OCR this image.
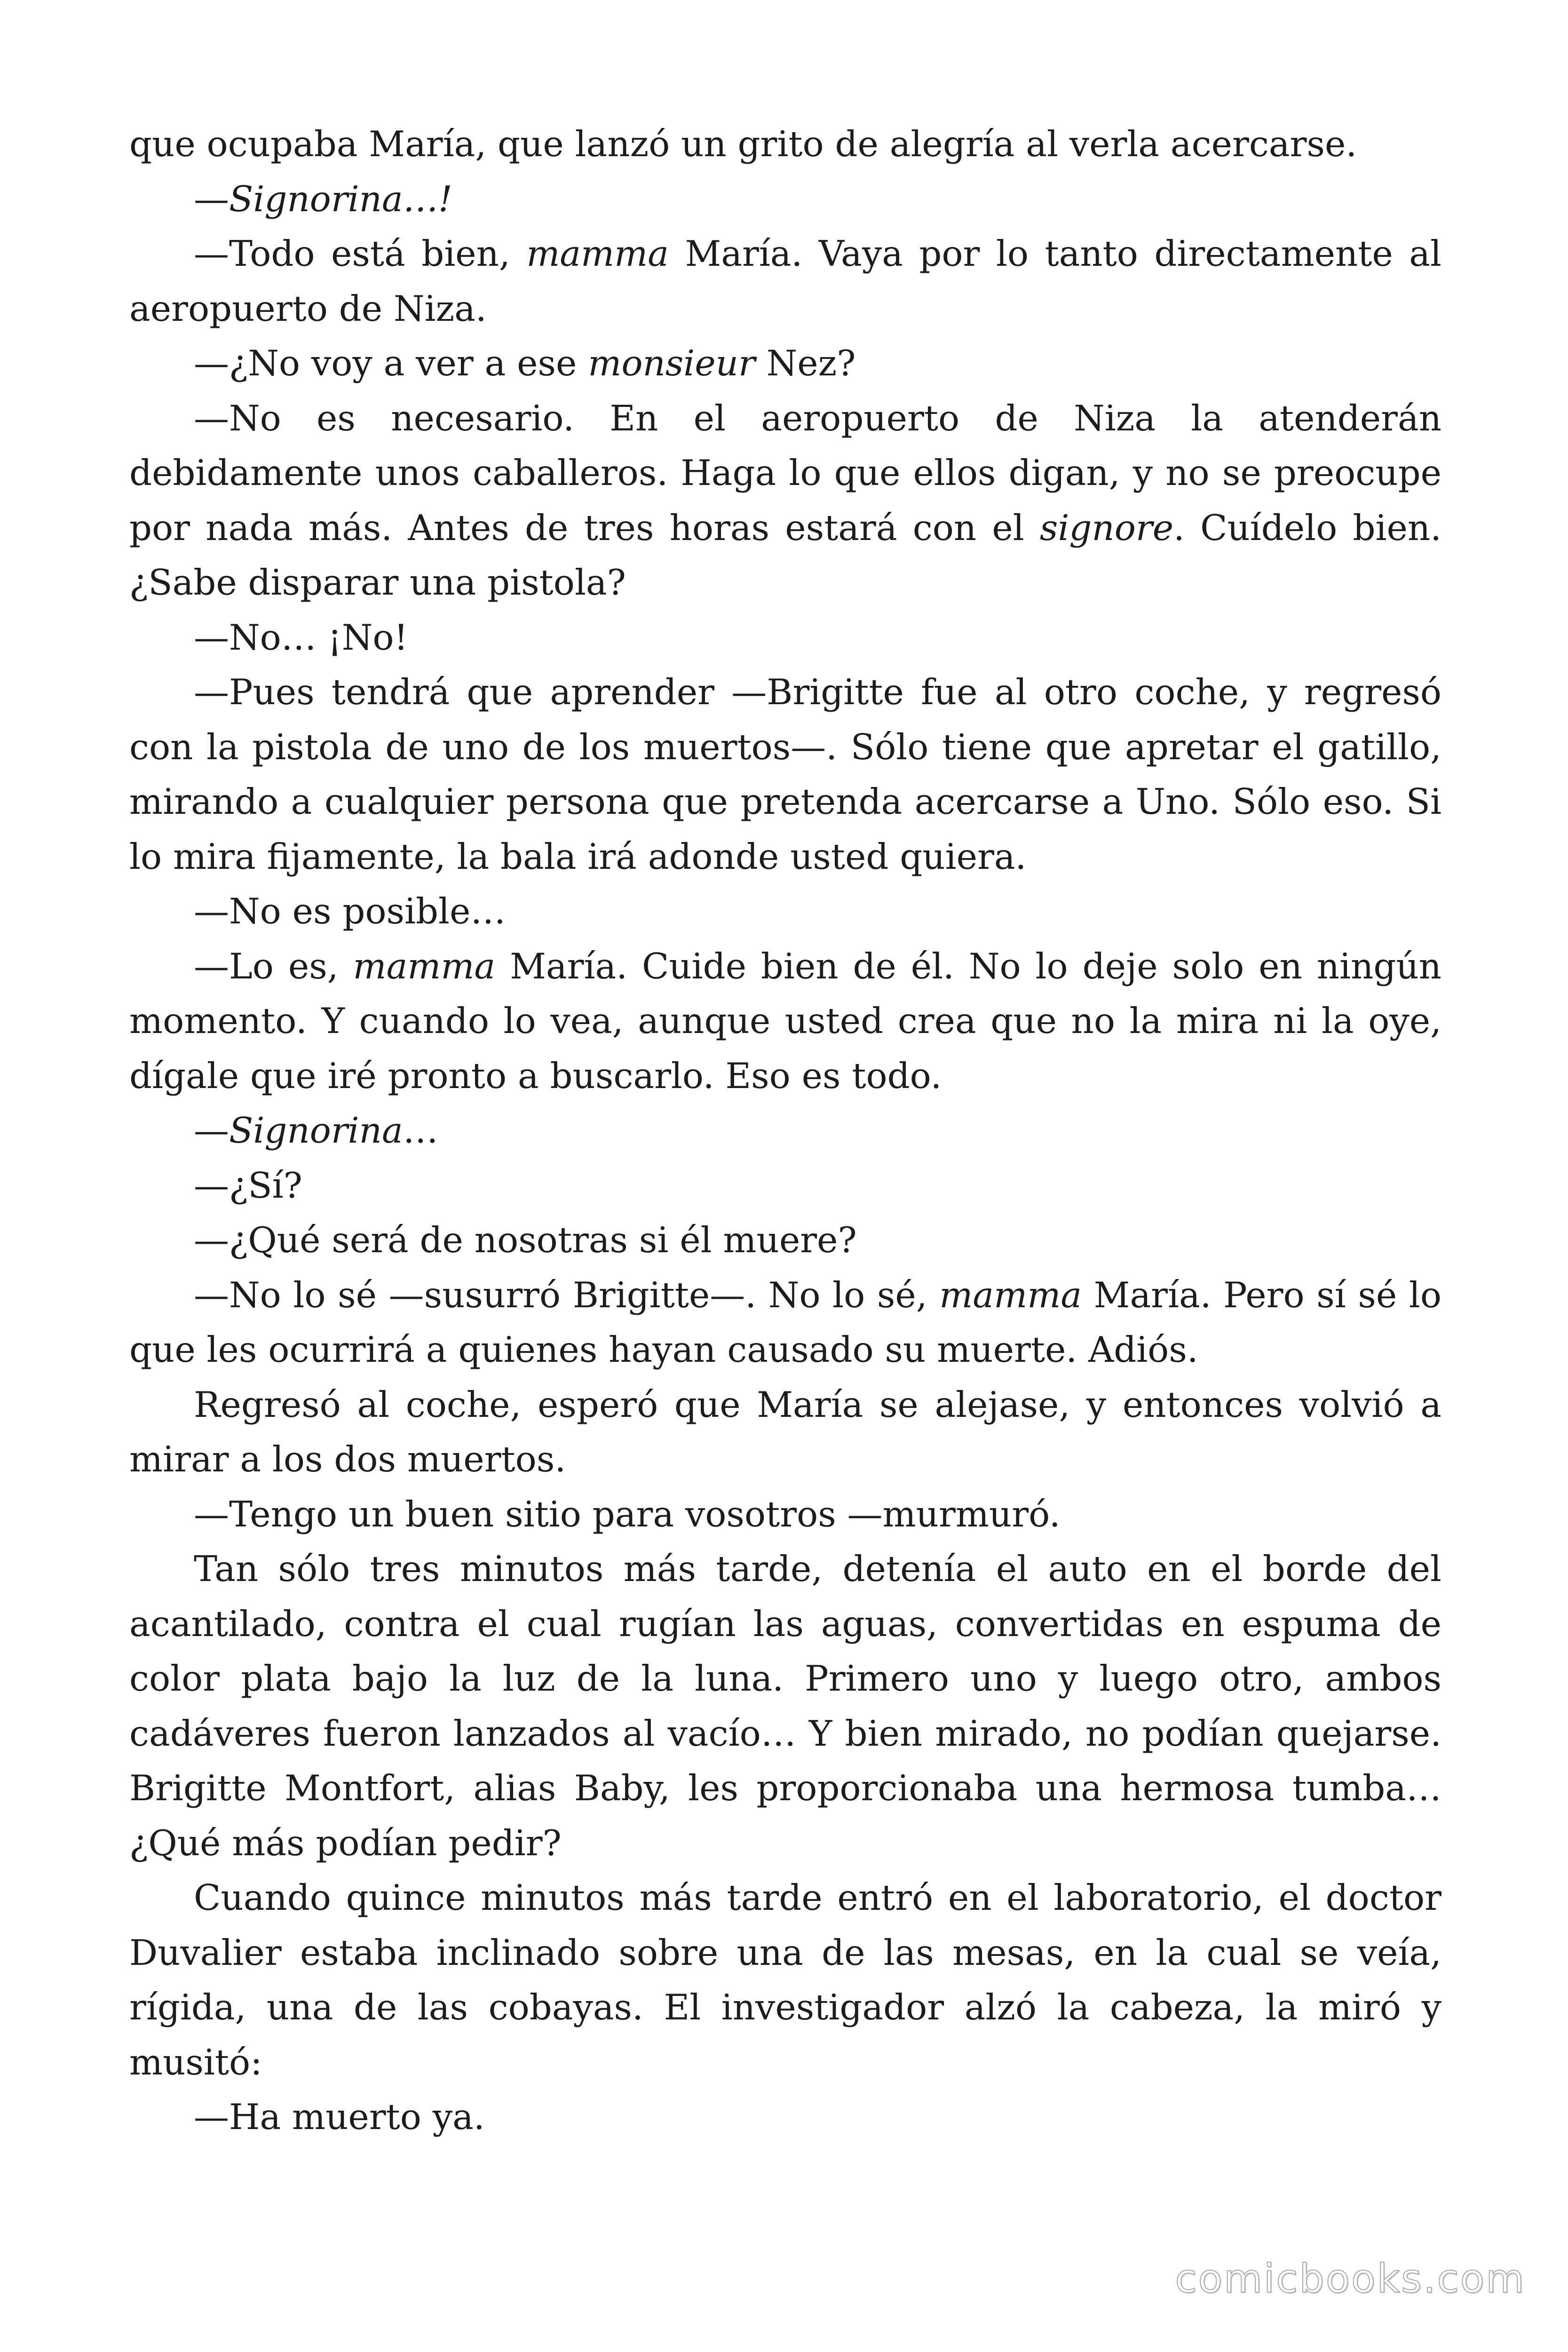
que ocupaba María, que lanzó un grito de alegría al verla acercarse.

—Signorina…!

—Todo está bien, mamma María. Vaya por lo tanto directamente al aeropuerto de Niza.

—¿No voy a ver a ese monsieur Nez?

—No es necesario. En el aeropuerto de Niza la atenderán debidamente unos caballeros. Haga lo que ellos digan, y no se preocupe por nada más. Antes de tres horas estará con el signore. Cuídelo bien. ¿Sabe disparar una pistola?

—No… ¡No!

—Pues tendrá que aprender —Brigitte fue al otro coche, y regresó con la pistola de uno de los muertos—. Sólo tiene que apretar el gatillo, mirando a cualquier persona que pretenda acercarse a Uno. Sólo eso. Si lo mira fijamente, la bala irá adonde usted quiera.

—No es posible…

—Lo es, mamma María. Cuide bien de él. No lo deje solo en ningún momento. Y cuando lo vea, aunque usted crea que no la mira ni la oye, dígale que iré pronto a buscarlo. Eso es todo.

—Signorina…

—¿Sí?

—¿Qué será de nosotras si él muere?

—No lo sé —susurró Brigitte—. No lo sé, mamma María. Pero sí sé lo que les ocurrirá a quienes hayan causado su muerte. Adiós.

Regresó al coche, esperó que María se alejase, y entonces volvió a mirar a los dos muertos.

—Tengo un buen sitio para vosotros —murmuró.

Tan sólo tres minutos más tarde, detenía el auto en el borde del acantilado, contra el cual rugían las aguas, convertidas en espuma de color plata bajo la luz de la luna. Primero uno y luego otro, ambos cadáveres fueron lanzados al vacío… Y bien mirado, no podían quejarse. Brigitte Montfort, alias Baby, les proporcionaba una hermosa tumba… ¿Qué más podían pedir?

Cuando quince minutos más tarde entró en el laboratorio, el doctor Duvalier estaba inclinado sobre una de las mesas, en la cual se veía, rígida, una de las cobayas. El investigador alzó la cabeza, la miró y musitó:

—Ha muerto ya.

comicbooks.com
